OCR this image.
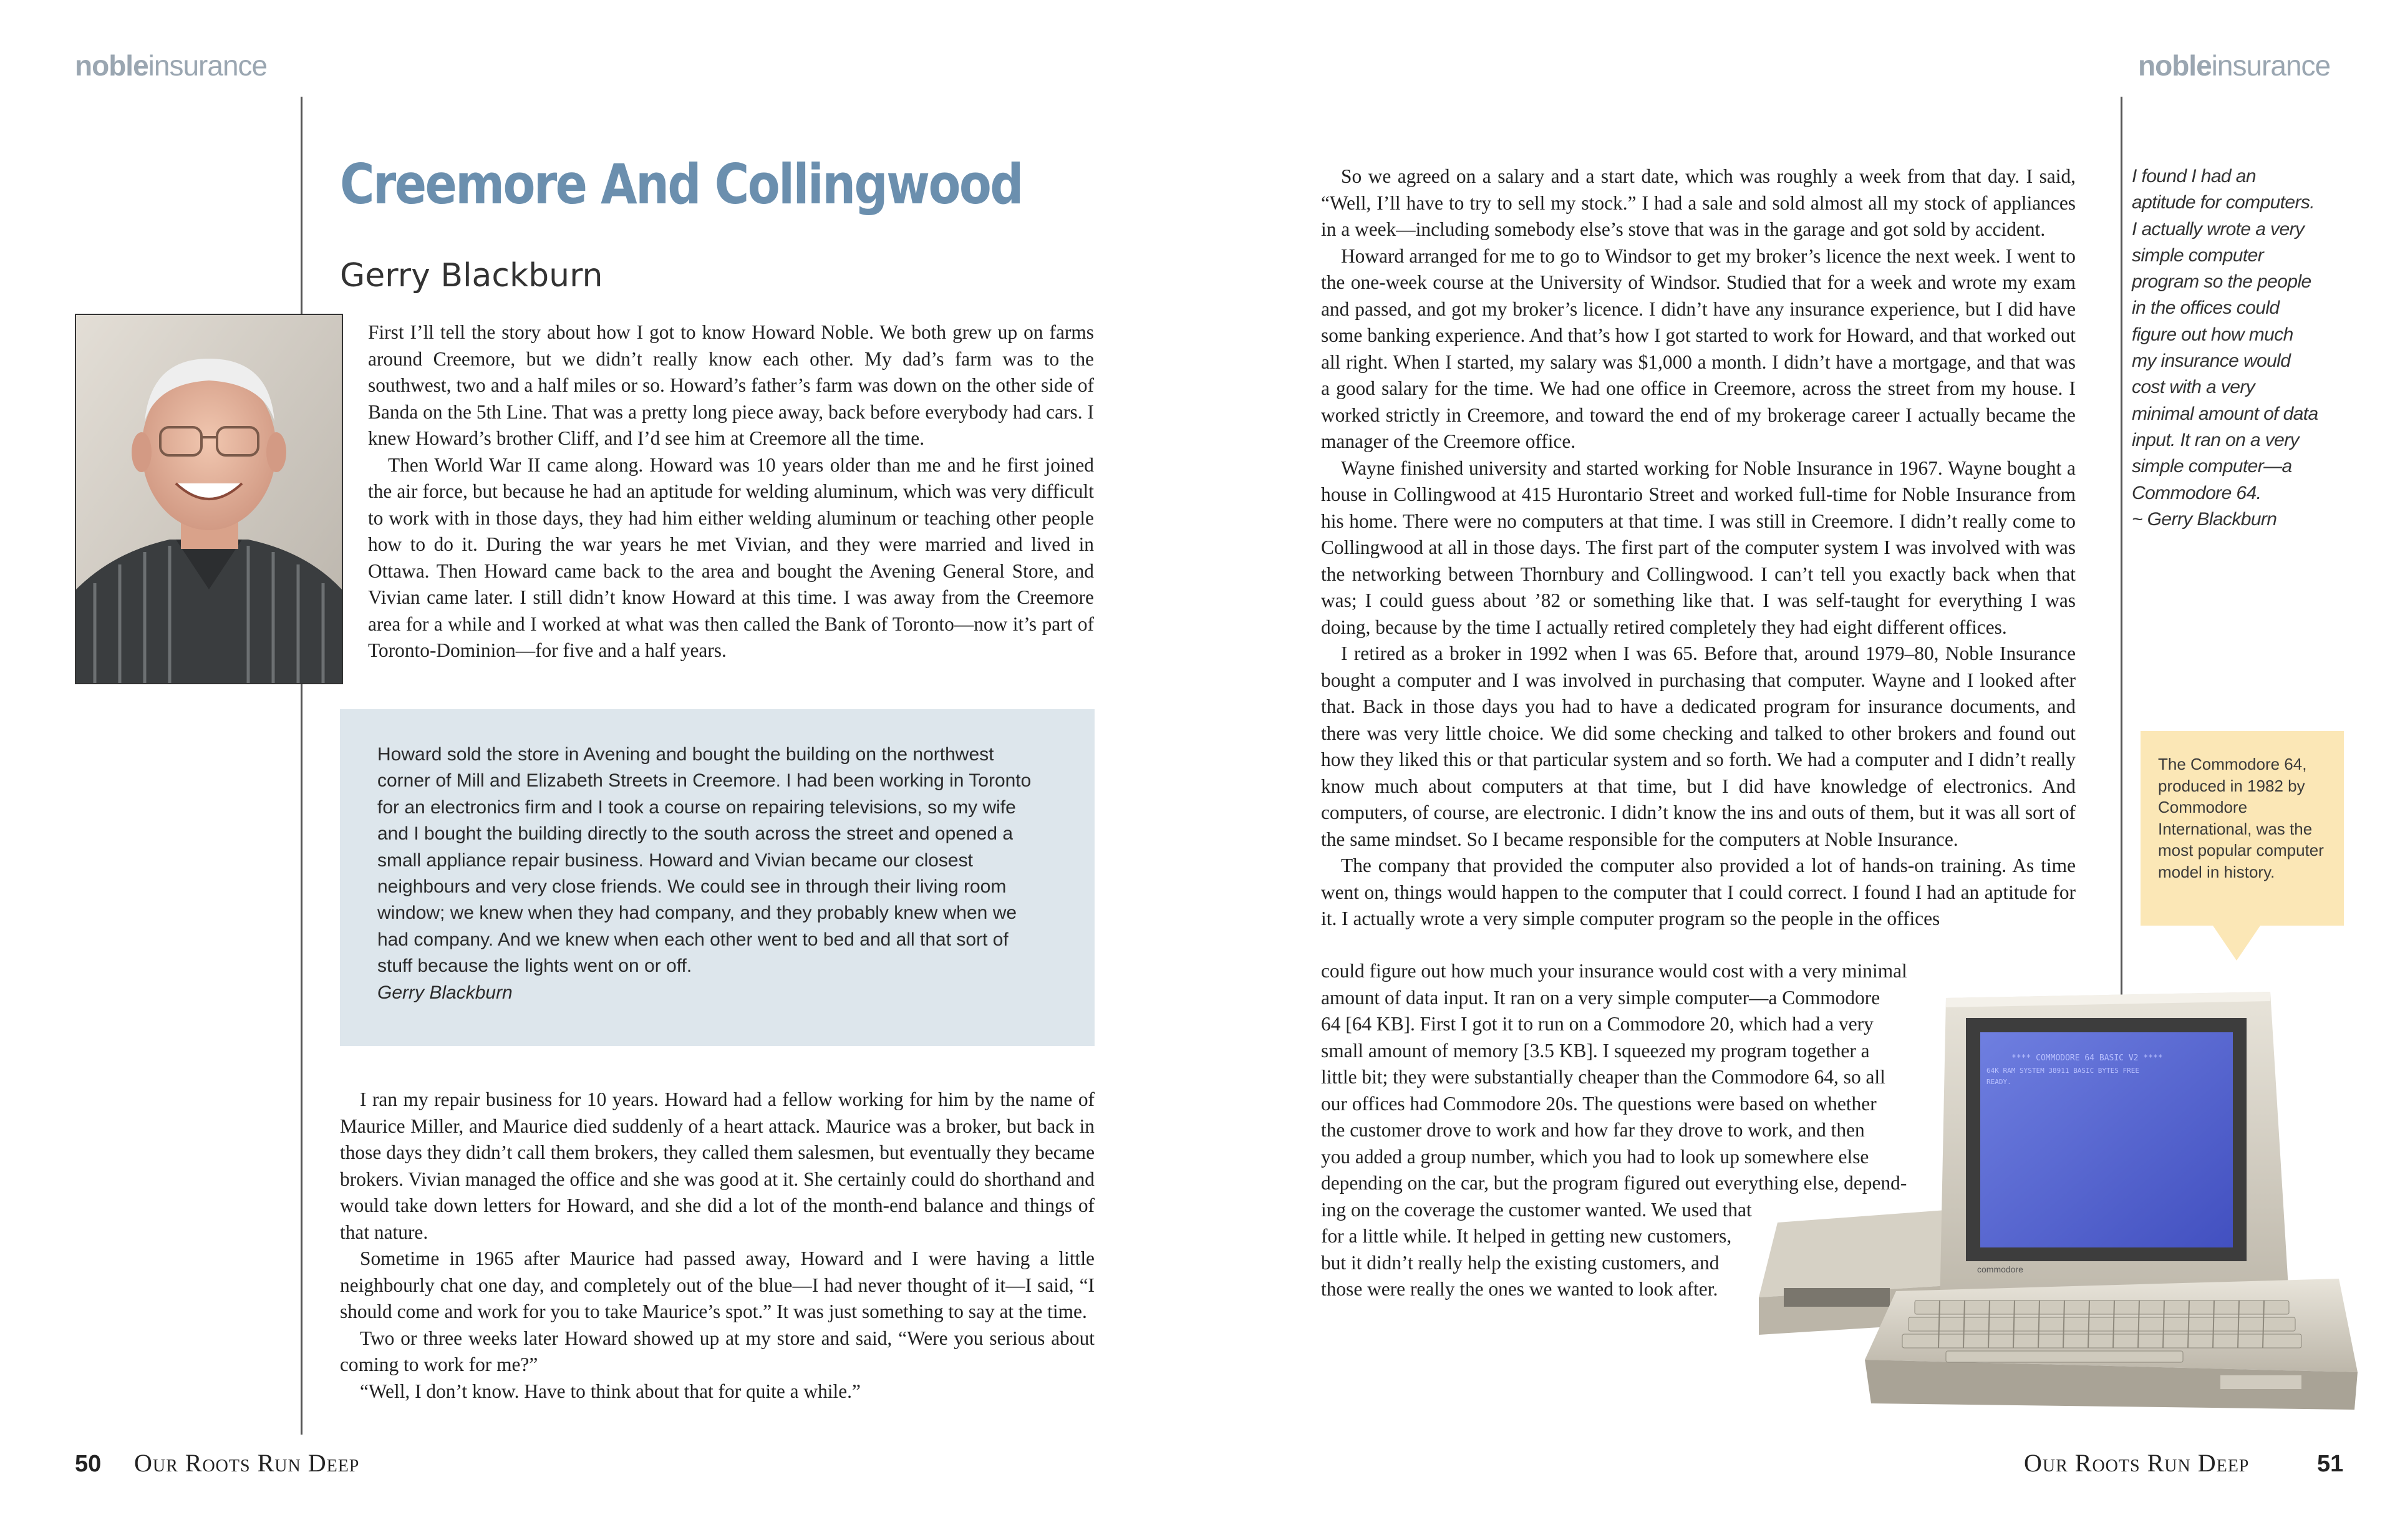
nobleinsurance	nobleinsurance
Creemore And Collingwood
Gerry Blackburn

First I’ll tell the story about how I got to know Howard Noble. We both grew up on farms around Creemore, but we didn’t really know each other. My dad’s farm was to the southwest, two and a half miles or so. Howard’s father’s farm was down on the other side of Banda on the 5th Line. That was a pretty long piece away, back before everybody had cars. I knew Howard’s brother Cliff, and I’d see him at Creemore all the time.

Then World War II came along. Howard was 10 years older than me and he first joined the air force, but because he had an aptitude for welding aluminum, which was very difficult to work with in those days, they had him either welding aluminum or teaching other people how to do it. During the war years he met Vivian, and they were married and lived in Ottawa. Then Howard came back to the area and bought the Avening General Store, and Vivian came later. I still didn’t know Howard at this time. I was away from the Creemore area for a while and I worked at what was then called the Bank of Toronto—now it’s part of Toronto-Dominion—for five and a half years.

Howard sold the store in Avening and bought the building on the northwest corner of Mill and Elizabeth Streets in Creemore. I had been working in Toronto for an electronics firm and I took a course on repairing televisions, so my wife and I bought the building directly to the south across the street and opened a small appliance repair business. Howard and Vivian became our closest neighbours and very close friends. We could see in through their living room window; we knew when they had company, and they probably knew when we had company. And we knew when each other went to bed and all that sort of stuff because the lights went on or off.
Gerry Blackburn

I ran my repair business for 10 years. Howard had a fellow working for him by the name of Maurice Miller, and Maurice died suddenly of a heart attack. Maurice was a broker, but back in those days they didn’t call them brokers, they called them salesmen, but eventually they became brokers. Vivian managed the office and she was good at it. She certainly could do shorthand and would take down letters for Howard, and she did a lot of the month-end balance and things of that nature.

Sometime in 1965 after Maurice had passed away, Howard and I were having a little neighbourly chat one day, and completely out of the blue—I had never thought of it—I said, “I should come and work for you to take Maurice’s spot.” It was just something to say at the time.

Two or three weeks later Howard showed up at my store and said, “Were you serious about coming to work for me?”

“Well, I don’t know. Have to think about that for quite a while.”

So we agreed on a salary and a start date, which was roughly a week from that day. I said, “Well, I’ll have to try to sell my stock.” I had a sale and sold almost all my stock of appliances in a week—including somebody else’s stove that was in the garage and got sold by accident.

Howard arranged for me to go to Windsor to get my broker’s licence the next week. I went to the one-week course at the University of Windsor. Studied that for a week and wrote my exam and passed, and got my broker’s licence. I didn’t have any insurance experience, but I did have some banking experience. And that’s how I got started to work for Howard, and that worked out all right. When I started, my salary was $1,000 a month. I didn’t have a mortgage, and that was a good salary for the time. We had one office in Creemore, across the street from my house. I worked strictly in Creemore, and toward the end of my brokerage career I actually became the manager of the Creemore office.

Wayne finished university and started working for Noble Insurance in 1967. Wayne bought a house in Collingwood at 415 Hurontario Street and worked full-time for Noble Insurance from his home. There were no computers at that time. I was still in Creemore. I didn’t really come to Collingwood at all in those days. The first part of the computer system I was involved with was the networking between Thornbury and Collingwood. I can’t tell you exactly back when that was; I could guess about ’82 or something like that. I was self-taught for everything I was doing, because by the time I actually retired completely they had eight different offices.

I retired as a broker in 1992 when I was 65. Before that, around 1979–80, Noble Insurance bought a computer and I was involved in purchasing that computer. Wayne and I looked after that. Back in those days you had to have a dedicated program for insurance documents, and there was very little choice. We did some checking and talked to other brokers and found out how they liked this or that particular system and so forth. We had a computer and I didn’t really know much about computers at that time, but I did have knowledge of electronics. And computers, of course, are electronic. I didn’t know the ins and outs of them, but it was all sort of the same mindset. So I became responsible for the computers at Noble Insurance.

The company that provided the computer also provided a lot of hands-on training. As time went on, things would happen to the computer that I could correct. I found I had an aptitude for it. I actually wrote a very simple computer program so the people in the offices

could figure out how much your insurance would cost with a very minimal
amount of data input. It ran on a very simple computer—a Commodore
64 [64 KB]. First I got it to run on a Commodore 20, which had a very
small amount of memory [3.5 KB]. I squeezed my program together a
little bit; they were substantially cheaper than the Commodore 64, so all
our offices had Commodore 20s. The questions were based on whether
the customer drove to work and how far they drove to work, and then
you added a group number, which you had to look up somewhere else
depending on the car, but the program figured out everything else, depend-
ing on the coverage the customer wanted. We used that
for a little while. It helped in getting new customers,
but it didn’t really help the existing customers, and
those were really the ones we wanted to look after.
I found I had an aptitude for computers. I actually wrote a very simple computer program so the people in the offices could figure out how much my insurance would cost with a very minimal amount of data input. It ran on a very simple computer—a Commodore 64.
~ Gerry Blackburn
The Commodore 64, produced in 1982 by Commodore International, was the most popular computer model in history.
**** COMMODORE 64 BASIC V2 ****
64K RAM SYSTEM 38911 BASIC BYTES FREE
READY.
commodore
50 Our Roots Run Deep	Our Roots Run Deep	51
